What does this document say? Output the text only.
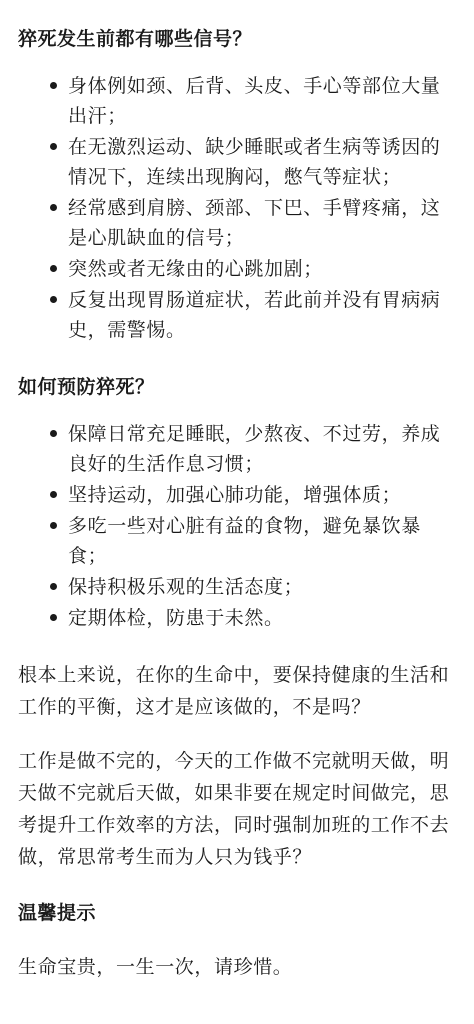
猝死发生前都有哪些信号？
身体例如颈、后背、头皮、手心等部位大量出汗；
在无激烈运动、缺少睡眠或者生病等诱因的情况下，连续出现胸闷，憋气等症状；
经常感到肩膀、颈部、下巴、手臂疼痛，这是心肌缺血的信号；
突然或者无缘由的心跳加剧；
反复出现胃肠道症状，若此前并没有胃病病史，需警惕。
如何预防猝死？
保障日常充足睡眠，少熬夜、不过劳，养成良好的生活作息习惯；
坚持运动，加强心肺功能，增强体质；
多吃一些对心脏有益的食物，避免暴饮暴食；
保持积极乐观的生活态度；
定期体检，防患于未然。

根本上来说，在你的生命中，要保持健康的生活和工作的平衡，这才是应该做的，不是吗？

工作是做不完的，今天的工作做不完就明天做，明天做不完就后天做，如果非要在规定时间做完，思考提升工作效率的方法，同时强制加班的工作不去做，常思常考生而为人只为钱乎？

温馨提示

生命宝贵，一生一次，请珍惜。
